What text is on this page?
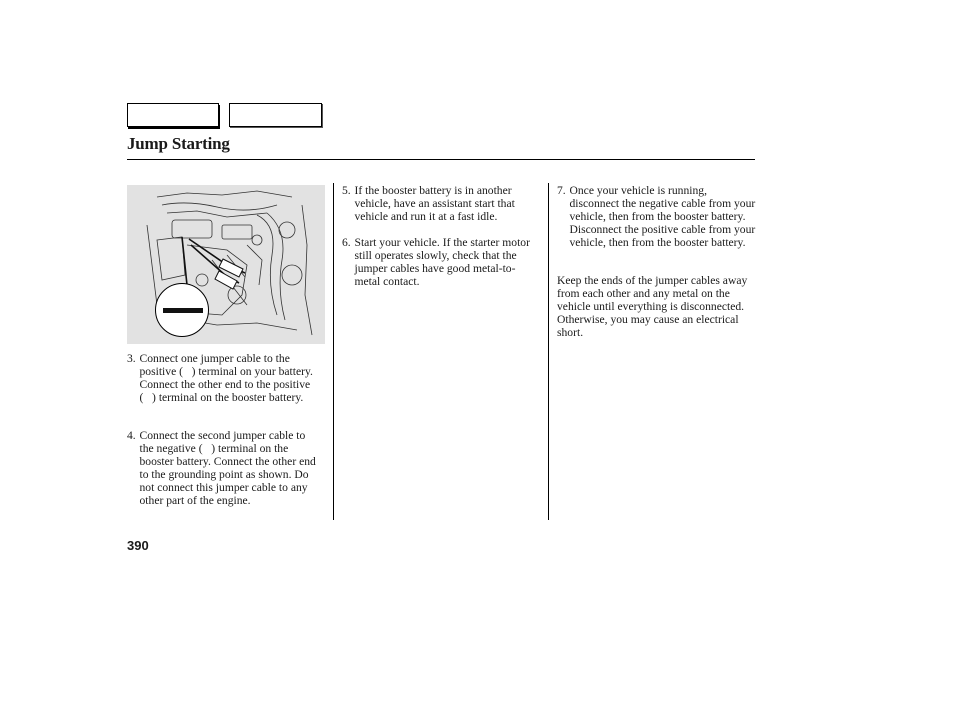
Jump Starting
3. Connect one jumper cable to the positive (   ) terminal on your battery. Connect the other end to the positive (   ) terminal on the booster battery.
4. Connect the second jumper cable to the negative (   ) terminal on the booster battery. Connect the other end to the grounding point as shown. Do not connect this jumper cable to any other part of the engine.
5. If the booster battery is in another vehicle, have an assistant start that vehicle and run it at a fast idle.
6. Start your vehicle. If the starter motor still operates slowly, check that the jumper cables have good metal-to-metal contact.
7. Once your vehicle is running, disconnect the negative cable from your vehicle, then from the booster battery. Disconnect the positive cable from your vehicle, then from the booster battery.
Keep the ends of the jumper cables away from each other and any metal on the vehicle until everything is disconnected. Otherwise, you may cause an electrical short.
390
